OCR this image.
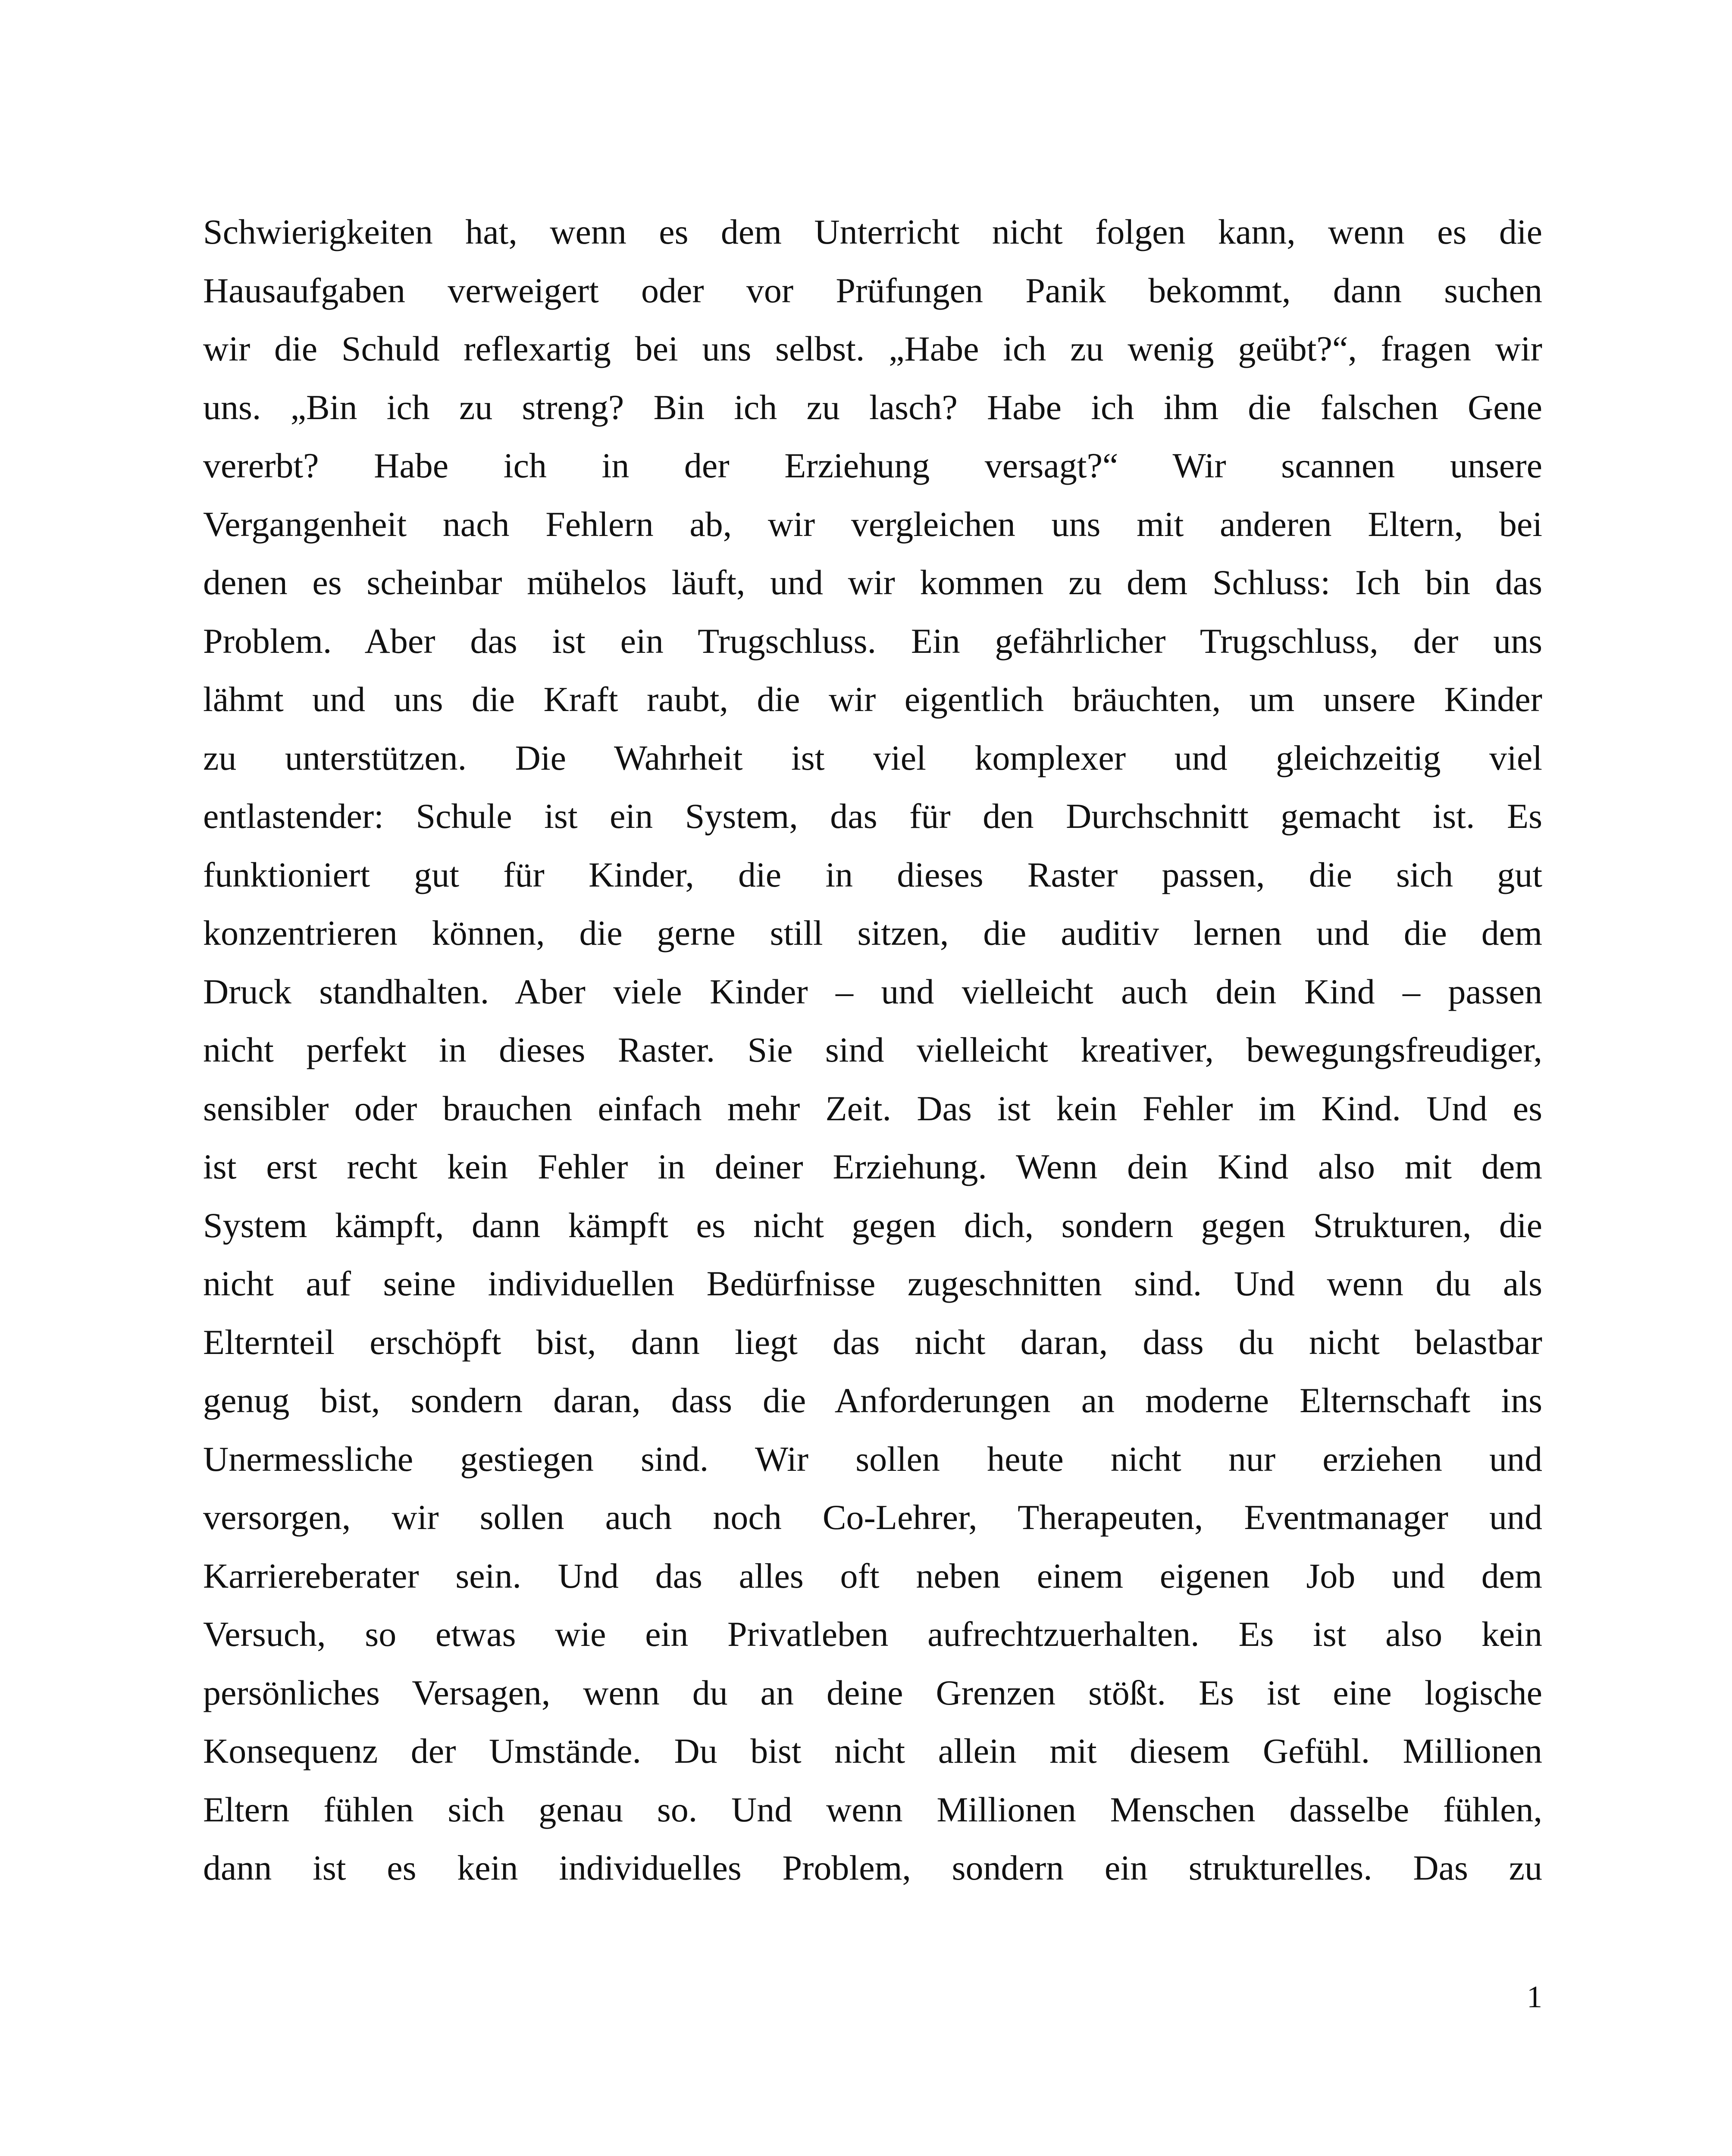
Schwierigkeiten hat, wenn es dem Unterricht nicht folgen kann, wenn es die
Hausaufgaben verweigert oder vor Prüfungen Panik bekommt, dann suchen
wir die Schuld reflexartig bei uns selbst. „Habe ich zu wenig geübt?“, fragen wir
uns. „Bin ich zu streng? Bin ich zu lasch? Habe ich ihm die falschen Gene
vererbt? Habe ich in der Erziehung versagt?“ Wir scannen unsere
Vergangenheit nach Fehlern ab, wir vergleichen uns mit anderen Eltern, bei
denen es scheinbar mühelos läuft, und wir kommen zu dem Schluss: Ich bin das
Problem. Aber das ist ein Trugschluss. Ein gefährlicher Trugschluss, der uns
lähmt und uns die Kraft raubt, die wir eigentlich bräuchten, um unsere Kinder
zu unterstützen. Die Wahrheit ist viel komplexer und gleichzeitig viel
entlastender: Schule ist ein System, das für den Durchschnitt gemacht ist. Es
funktioniert gut für Kinder, die in dieses Raster passen, die sich gut
konzentrieren können, die gerne still sitzen, die auditiv lernen und die dem
Druck standhalten. Aber viele Kinder – und vielleicht auch dein Kind – passen
nicht perfekt in dieses Raster. Sie sind vielleicht kreativer, bewegungsfreudiger,
sensibler oder brauchen einfach mehr Zeit. Das ist kein Fehler im Kind. Und es
ist erst recht kein Fehler in deiner Erziehung. Wenn dein Kind also mit dem
System kämpft, dann kämpft es nicht gegen dich, sondern gegen Strukturen, die
nicht auf seine individuellen Bedürfnisse zugeschnitten sind. Und wenn du als
Elternteil erschöpft bist, dann liegt das nicht daran, dass du nicht belastbar
genug bist, sondern daran, dass die Anforderungen an moderne Elternschaft ins
Unermessliche gestiegen sind. Wir sollen heute nicht nur erziehen und
versorgen, wir sollen auch noch Co-Lehrer, Therapeuten, Eventmanager und
Karriereberater sein. Und das alles oft neben einem eigenen Job und dem
Versuch, so etwas wie ein Privatleben aufrechtzuerhalten. Es ist also kein
persönliches Versagen, wenn du an deine Grenzen stößt. Es ist eine logische
Konsequenz der Umstände. Du bist nicht allein mit diesem Gefühl. Millionen
Eltern fühlen sich genau so. Und wenn Millionen Menschen dasselbe fühlen,
dann ist es kein individuelles Problem, sondern ein strukturelles. Das zu
1
